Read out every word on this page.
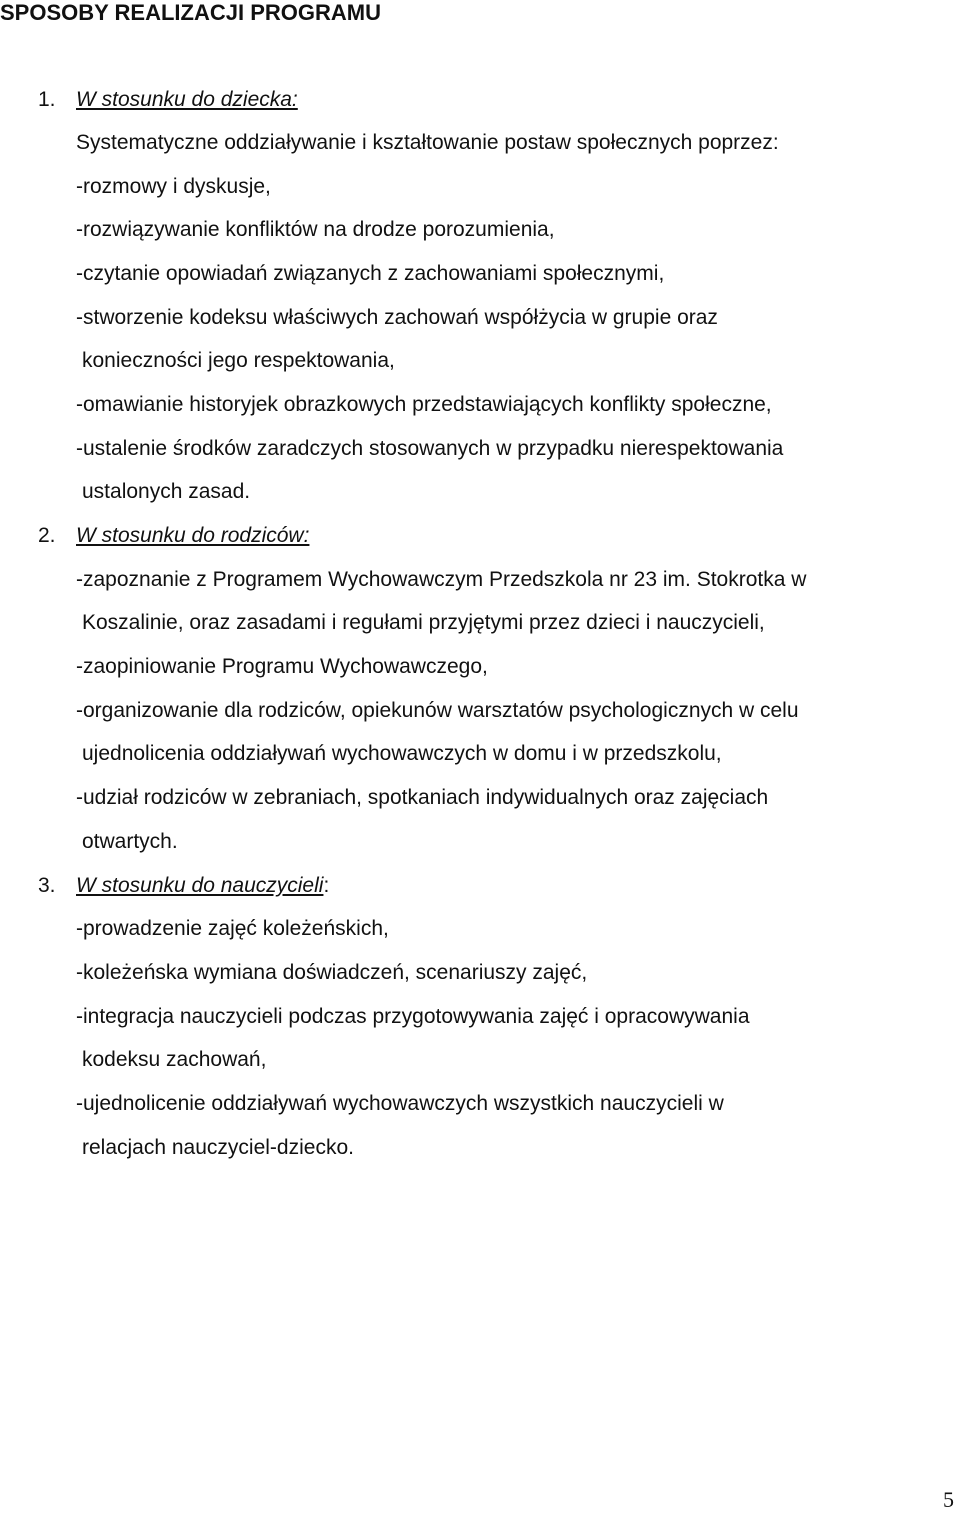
SPOSOBY REALIZACJI PROGRAMU
1. W stosunku do dziecka:

Systematyczne oddziaływanie i kształtowanie postaw społecznych poprzez:

-rozmowy i dyskusje,

-rozwiązywanie konfliktów na drodze porozumienia,

-czytanie opowiadań związanych z zachowaniami społecznymi,

-stworzenie kodeksu właściwych zachowań współżycia w grupie oraz

konieczności jego respektowania,

-omawianie historyjek obrazkowych przedstawiających konflikty społeczne,

-ustalenie środków zaradczych stosowanych w przypadku nierespektowania

ustalonych zasad.

2. W stosunku do rodziców:

-zapoznanie z Programem Wychowawczym Przedszkola nr 23 im. Stokrotka w

Koszalinie, oraz zasadami i regułami przyjętymi przez dzieci i nauczycieli,

-zaopiniowanie Programu Wychowawczego,

-organizowanie dla rodziców, opiekunów warsztatów psychologicznych w celu

ujednolicenia oddziaływań wychowawczych w domu i w przedszkolu,

-udział rodziców w zebraniach, spotkaniach indywidualnych oraz zajęciach

otwartych.

3. W stosunku do nauczycieli:

-prowadzenie zajęć koleżeńskich,

-koleżeńska wymiana doświadczeń, scenariuszy zajęć,

-integracja nauczycieli podczas przygotowywania zajęć i opracowywania

kodeksu zachowań,

-ujednolicenie oddziaływań wychowawczych wszystkich nauczycieli w

relacjach nauczyciel-dziecko.

5
